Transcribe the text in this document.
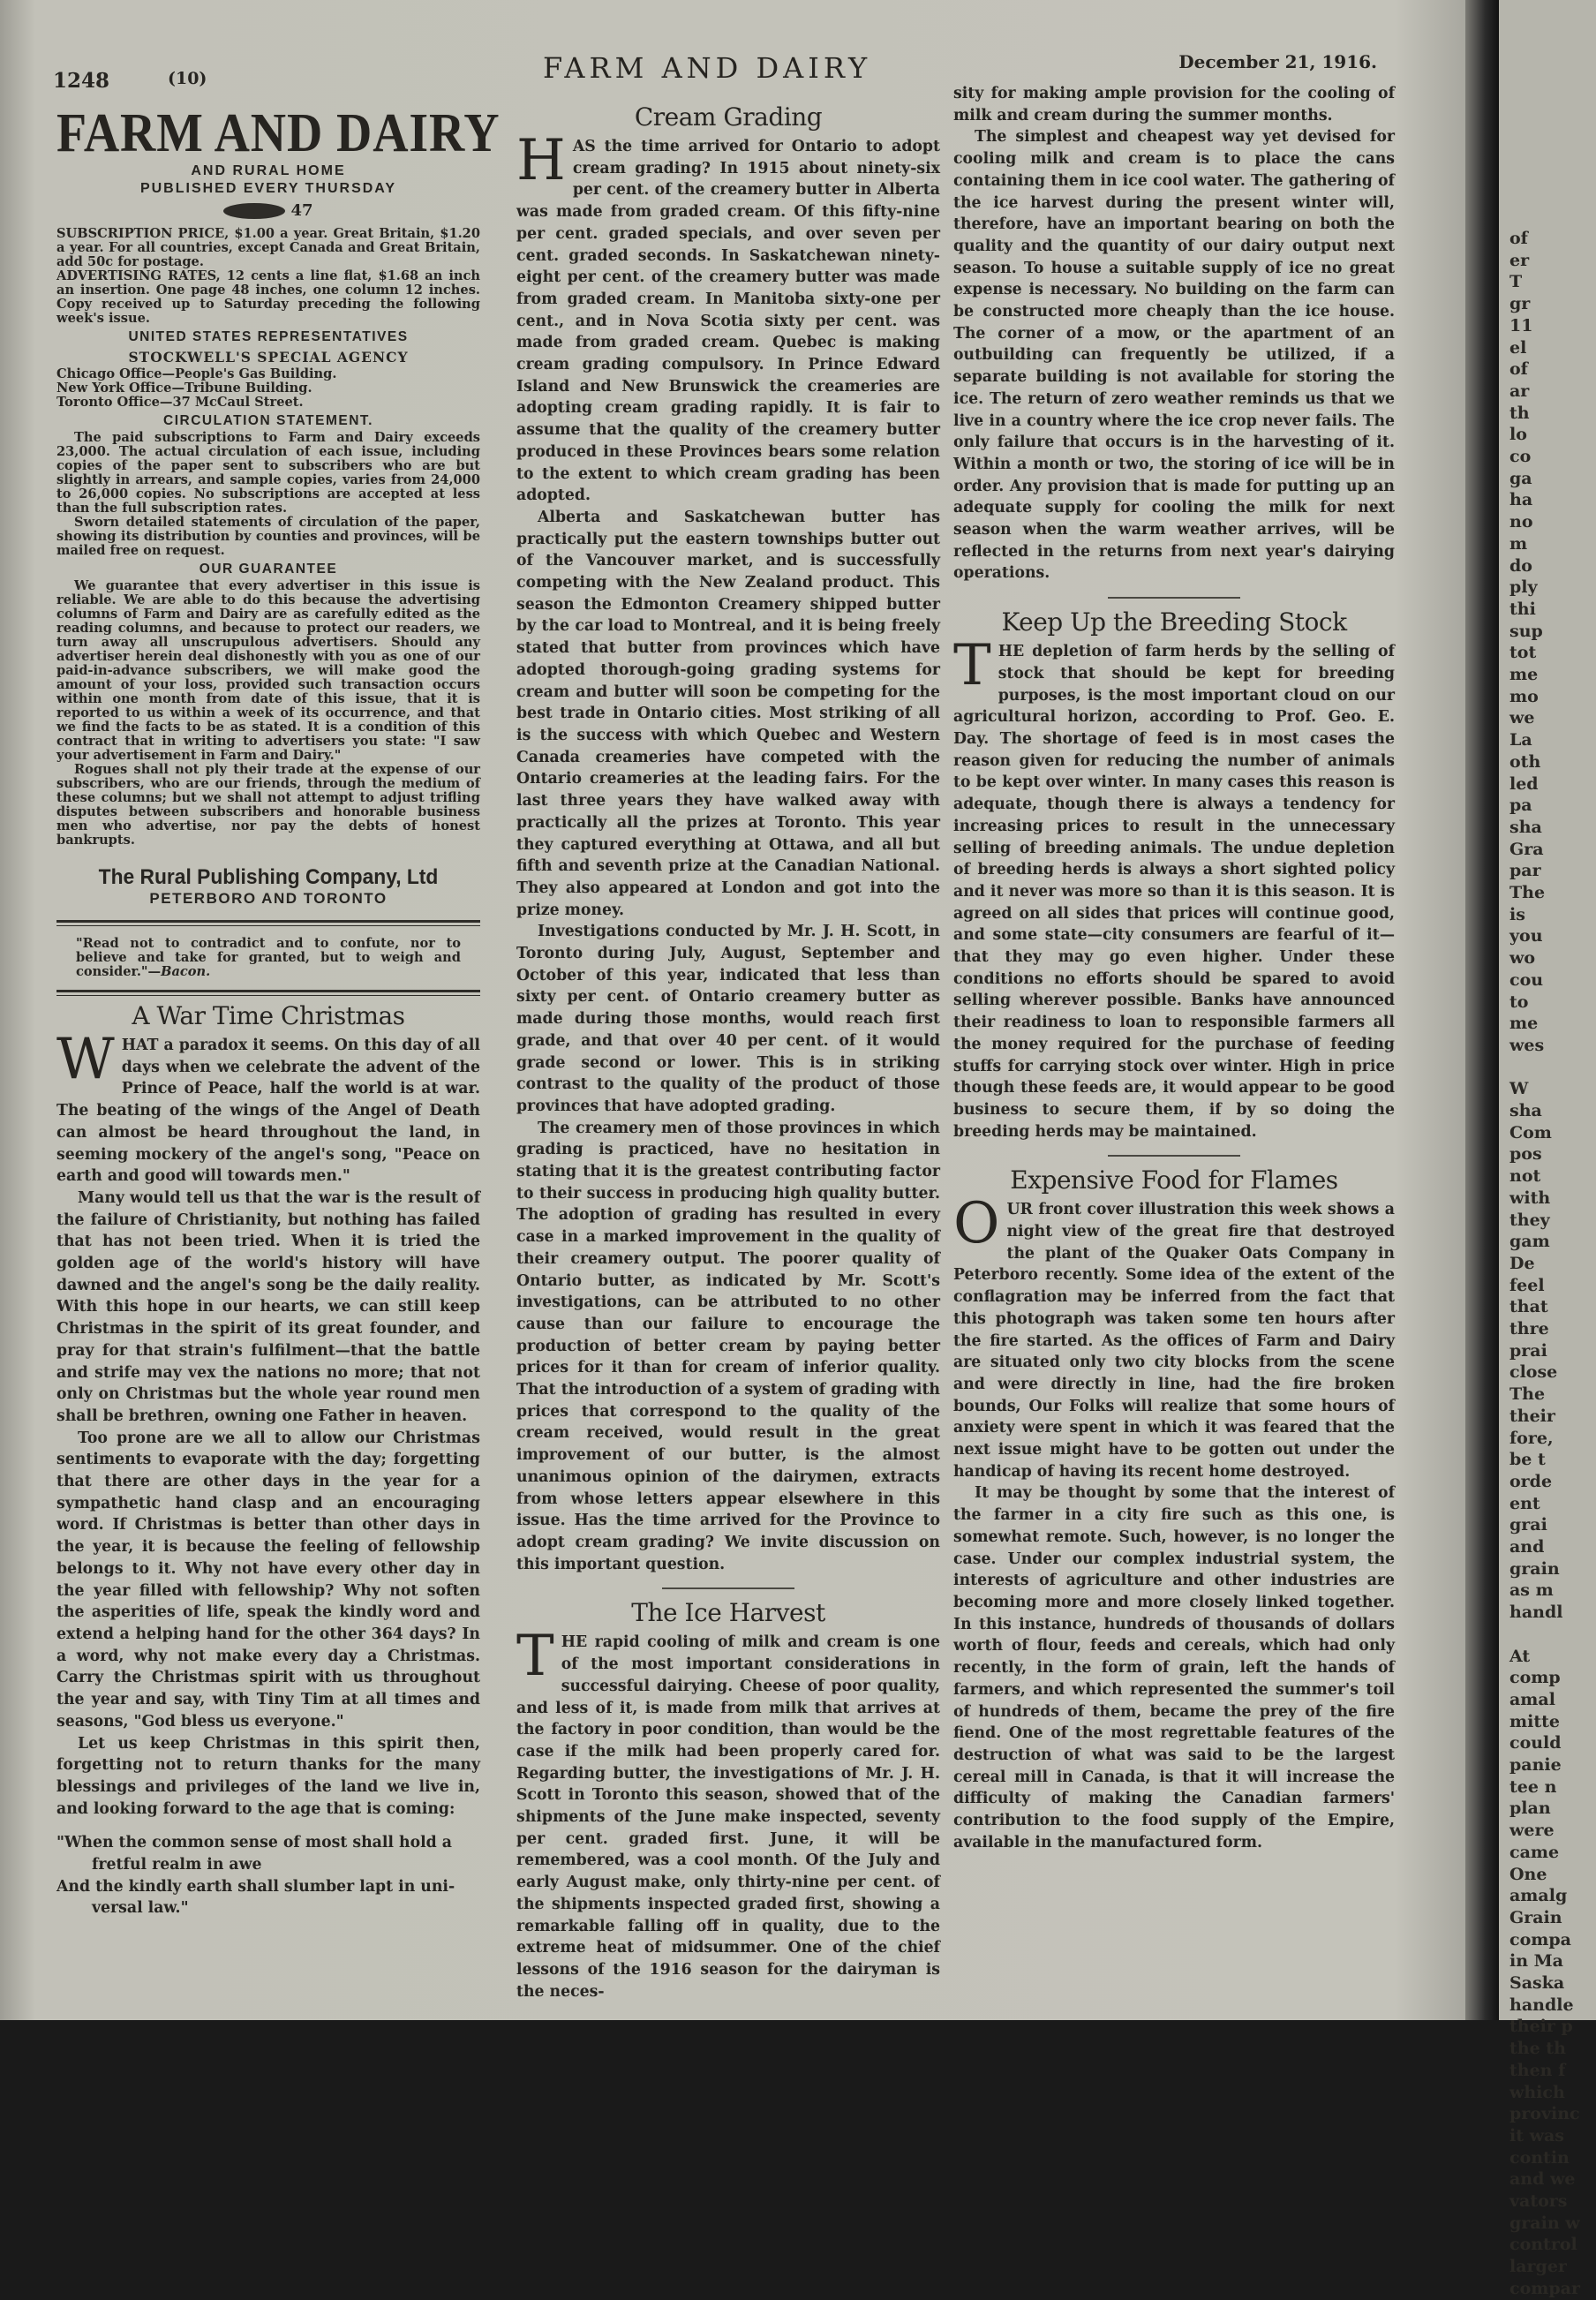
1248	(10)	FARM AND DAIRY	December 21, 1916.
FARM AND DAIRY
AND RURAL HOME
PUBLISHED EVERY THURSDAY
47
SUBSCRIPTION PRICE, $1.00 a year. Great Britain, $1.20 a year. For all countries, except Canada and Great Britain, add 50c for postage.
ADVERTISING RATES, 12 cents a line flat, $1.68 an inch an insertion. One page 48 inches, one column 12 inches. Copy received up to Saturday preceding the following week's issue.
UNITED STATES REPRESENTATIVES
STOCKWELL'S SPECIAL AGENCY
Chicago Office—People's Gas Building.
New York Office—Tribune Building.
Toronto Office—37 McCaul Street.
CIRCULATION STATEMENT.
The paid subscriptions to Farm and Dairy exceeds 23,000. The actual circulation of each issue, including copies of the paper sent to subscribers who are but slightly in arrears, and sample copies, varies from 24,000 to 26,000 copies. No subscriptions are accepted at less than the full subscription rates.
Sworn detailed statements of circulation of the paper, showing its distribution by counties and provinces, will be mailed free on request.
OUR GUARANTEE
We guarantee that every advertiser in this issue is reliable. We are able to do this because the advertising columns of Farm and Dairy are as carefully edited as the reading columns, and because to protect our readers, we turn away all unscrupulous advertisers. Should any advertiser herein deal dishonestly with you as one of our paid-in-advance subscribers, we will make good the amount of your loss, provided such transaction occurs within one month from date of this issue, that it is reported to us within a week of its occurrence, and that we find the facts to be as stated. It is a condition of this contract that in writing to advertisers you state: "I saw your advertisement in Farm and Dairy."
Rogues shall not ply their trade at the expense of our subscribers, who are our friends, through the medium of these columns; but we shall not attempt to adjust trifling disputes between subscribers and honorable business men who advertise, nor pay the debts of honest bankrupts.
The Rural Publishing Company, Ltd
PETERBORO AND TORONTO
"Read not to contradict and to confute, nor to believe and take for granted, but to weigh and consider."—Bacon.
A War Time Christmas

WHAT a paradox it seems. On this day of all days when we celebrate the advent of the Prince of Peace, half the world is at war. The beating of the wings of the Angel of Death can almost be heard throughout the land, in seeming mockery of the angel's song, "Peace on earth and good will towards men."

Many would tell us that the war is the result of the failure of Christianity, but nothing has failed that has not been tried. When it is tried the golden age of the world's history will have dawned and the angel's song be the daily reality. With this hope in our hearts, we can still keep Christmas in the spirit of its great founder, and pray for that strain's fulfilment—that the battle and strife may vex the nations no more; that not only on Christmas but the whole year round men shall be brethren, owning one Father in heaven.

Too prone are we all to allow our Christmas sentiments to evaporate with the day; forgetting that there are other days in the year for a sympathetic hand clasp and an encouraging word. If Christmas is better than other days in the year, it is because the feeling of fellowship belongs to it. Why not have every other day in the year filled with fellowship? Why not soften the asperities of life, speak the kindly word and extend a helping hand for the other 364 days? In a word, why not make every day a Christmas. Carry the Christmas spirit with us throughout the year and say, with Tiny Tim at all times and seasons, "God bless us everyone."

Let us keep Christmas in this spirit then, forgetting not to return thanks for the many blessings and privileges of the land we live in, and looking forward to the age that is coming:

"When the common sense of most shall hold a
fretful realm in awe
And the kindly earth shall slumber lapt in uni-
versal law."
Cream Grading

HAS the time arrived for Ontario to adopt cream grading? In 1915 about ninety-six per cent. of the creamery butter in Alberta was made from graded cream. Of this fifty-nine per cent. graded specials, and over seven per cent. graded seconds. In Saskatchewan ninety-eight per cent. of the creamery butter was made from graded cream. In Manitoba sixty-one per cent., and in Nova Scotia sixty per cent. was made from graded cream. Quebec is making cream grading compulsory. In Prince Edward Island and New Brunswick the creameries are adopting cream grading rapidly. It is fair to assume that the quality of the creamery butter produced in these Provinces bears some relation to the extent to which cream grading has been adopted.

Alberta and Saskatchewan butter has practically put the eastern townships butter out of the Vancouver market, and is successfully competing with the New Zealand product. This season the Edmonton Creamery shipped butter by the car load to Montreal, and it is being freely stated that butter from provinces which have adopted thorough-going grading systems for cream and butter will soon be competing for the best trade in Ontario cities. Most striking of all is the success with which Quebec and Western Canada creameries have competed with the Ontario creameries at the leading fairs. For the last three years they have walked away with practically all the prizes at Toronto. This year they captured everything at Ottawa, and all but fifth and seventh prize at the Canadian National. They also appeared at London and got into the prize money.

Investigations conducted by Mr. J. H. Scott, in Toronto during July, August, September and October of this year, indicated that less than sixty per cent. of Ontario creamery butter as made during those months, would reach first grade, and that over 40 per cent. of it would grade second or lower. This is in striking contrast to the quality of the product of those provinces that have adopted grading.

The creamery men of those provinces in which grading is practiced, have no hesitation in stating that it is the greatest contributing factor to their success in producing high quality butter. The adoption of grading has resulted in every case in a marked improvement in the quality of their creamery output. The poorer quality of Ontario butter, as indicated by Mr. Scott's investigations, can be attributed to no other cause than our failure to encourage the production of better cream by paying better prices for it than for cream of inferior quality. That the introduction of a system of grading with prices that correspond to the quality of the cream received, would result in the great improvement of our butter, is the almost unanimous opinion of the dairymen, extracts from whose letters appear elsewhere in this issue. Has the time arrived for the Province to adopt cream grading? We invite discussion on this important question.

The Ice Harvest

THE rapid cooling of milk and cream is one of the most important considerations in successful dairying. Cheese of poor quality, and less of it, is made from milk that arrives at the factory in poor condition, than would be the case if the milk had been properly cared for. Regarding butter, the investigations of Mr. J. H. Scott in Toronto this season, showed that of the shipments of the June make inspected, seventy per cent. graded first. June, it will be remembered, was a cool month. Of the July and early August make, only thirty-nine per cent. of the shipments inspected graded first, showing a remarkable falling off in quality, due to the extreme heat of midsummer. One of the chief lessons of the 1916 season for the dairyman is the neces-

sity for making ample provision for the cooling of milk and cream during the summer months.

The simplest and cheapest way yet devised for cooling milk and cream is to place the cans containing them in ice cool water. The gathering of the ice harvest during the present winter will, therefore, have an important bearing on both the quality and the quantity of our dairy output next season. To house a suitable supply of ice no great expense is necessary. No building on the farm can be constructed more cheaply than the ice house. The corner of a mow, or the apartment of an outbuilding can frequently be utilized, if a separate building is not available for storing the ice. The return of zero weather reminds us that we live in a country where the ice crop never fails. The only failure that occurs is in the harvesting of it. Within a month or two, the storing of ice will be in order. Any provision that is made for putting up an adequate supply for cooling the milk for next season when the warm weather arrives, will be reflected in the returns from next year's dairying operations.

Keep Up the Breeding Stock

THE depletion of farm herds by the selling of stock that should be kept for breeding purposes, is the most important cloud on our agricultural horizon, according to Prof. Geo. E. Day. The shortage of feed is in most cases the reason given for reducing the number of animals to be kept over winter. In many cases this reason is adequate, though there is always a tendency for increasing prices to result in the unnecessary selling of breeding animals. The undue depletion of breeding herds is always a short sighted policy and it never was more so than it is this season. It is agreed on all sides that prices will continue good, and some state—city consumers are fearful of it—that they may go even higher. Under these conditions no efforts should be spared to avoid selling wherever possible. Banks have announced their readiness to loan to responsible farmers all the money required for the purchase of feeding stuffs for carrying stock over winter. High in price though these feeds are, it would appear to be good business to secure them, if by so doing the breeding herds may be maintained.

Expensive Food for Flames

OUR front cover illustration this week shows a night view of the great fire that destroyed the plant of the Quaker Oats Company in Peterboro recently. Some idea of the extent of the conflagration may be inferred from the fact that this photograph was taken some ten hours after the fire started. As the offices of Farm and Dairy are situated only two city blocks from the scene and were directly in line, had the fire broken bounds, Our Folks will realize that some hours of anxiety were spent in which it was feared that the next issue might have to be gotten out under the handicap of having its recent home destroyed.

It may be thought by some that the interest of the farmer in a city fire such as this one, is somewhat remote. Such, however, is no longer the case. Under our complex industrial system, the interests of agriculture and other industries are becoming more and more closely linked together. In this instance, hundreds of thousands of dollars worth of flour, feeds and cereals, which had only recently, in the form of grain, left the hands of farmers, and which represented the summer's toil of hundreds of them, became the prey of the fire fiend. One of the most regrettable features of the destruction of what was said to be the largest cereal mill in Canada, is that it will increase the difficulty of making the Canadian farmers' contribution to the food supply of the Empire, available in the manufactured form.

of
er
T
gr
11
el
of
ar
th
lo
co
ga
ha
no
m
do
ply
thi
sup
tot
me
mo
we
La
oth
led
pa
sha
Gra
par
The
is
you
wo
cou
to
me
wes
W
sha
Com
pos
not
with
they
gam
De
feel
that
thre
prai
close
The
their
fore,
be t
orde
ent
grai
and
grain
as m
handl
At
comp
amal
mitte
could
panie
tee n
plan
were
came
One
amalg
Grain
compa
in Ma
Saska
handle
their p
the th
then f
which
provinc
it was
contin
and we
vators
grain w
control
larger
compar
